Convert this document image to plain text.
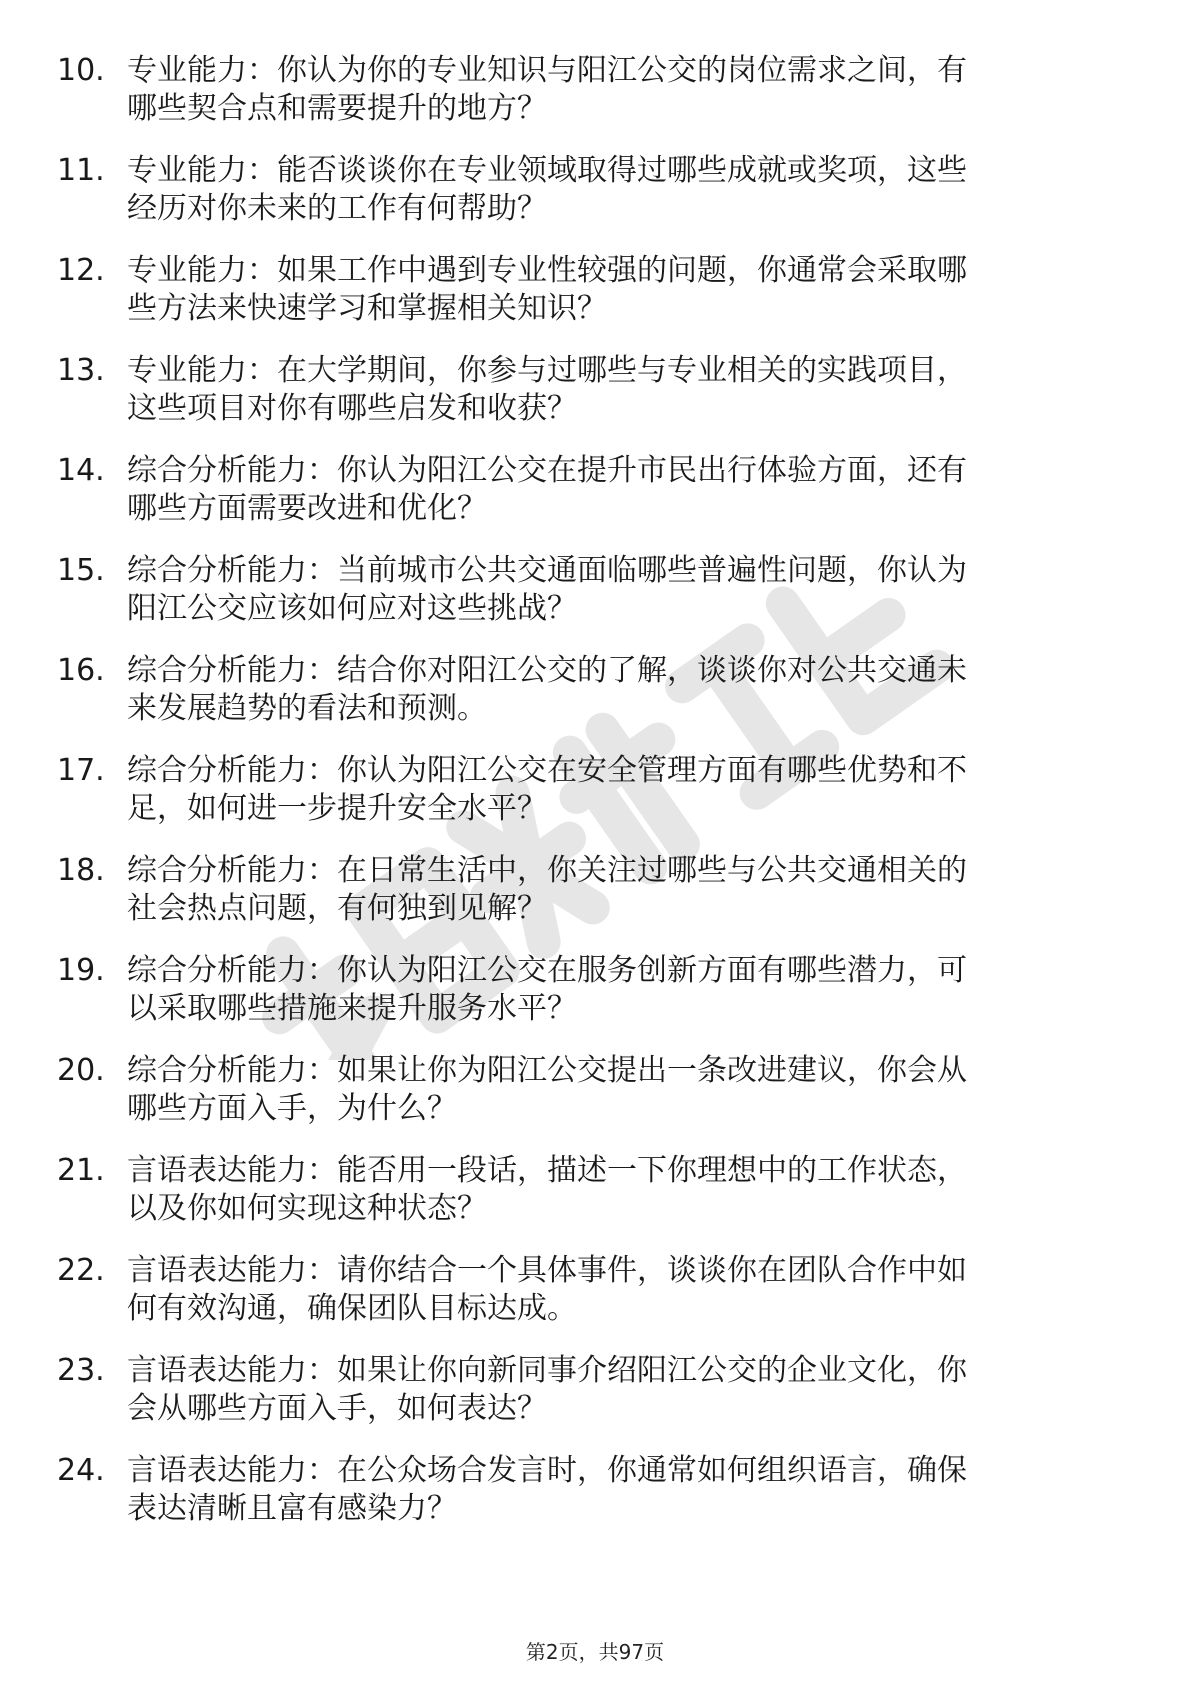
10. 专业能力：你认为你的专业知识与阳江公交的岗位需求之间，有
哪些契合点和需要提升的地方？
11. 专业能力：能否谈谈你在专业领域取得过哪些成就或奖项，这些
经历对你未来的工作有何帮助？
12. 专业能力：如果工作中遇到专业性较强的问题，你通常会采取哪
些方法来快速学习和掌握相关知识？
13. 专业能力：在大学期间，你参与过哪些与专业相关的实践项目，
这些项目对你有哪些启发和收获？
14. 综合分析能力：你认为阳江公交在提升市民出行体验方面，还有
哪些方面需要改进和优化？
15. 综合分析能力：当前城市公共交通面临哪些普遍性问题，你认为
阳江公交应该如何应对这些挑战？
16. 综合分析能力：结合你对阳江公交的了解，谈谈你对公共交通未
来发展趋势的看法和预测。
17. 综合分析能力：你认为阳江公交在安全管理方面有哪些优势和不
足，如何进一步提升安全水平？
18. 综合分析能力：在日常生活中，你关注过哪些与公共交通相关的
社会热点问题，有何独到见解？
19. 综合分析能力：你认为阳江公交在服务创新方面有哪些潜力，可
以采取哪些措施来提升服务水平？
20. 综合分析能力：如果让你为阳江公交提出一条改进建议，你会从
哪些方面入手，为什么？
21. 言语表达能力：能否用一段话，描述一下你理想中的工作状态，
以及你如何实现这种状态？
22. 言语表达能力：请你结合一个具体事件，谈谈你在团队合作中如
何有效沟通，确保团队目标达成。
23. 言语表达能力：如果让你向新同事介绍阳江公交的企业文化，你
会从哪些方面入手，如何表达？
24. 言语表达能力：在公众场合发言时，你通常如何组织语言，确保
表达清晰且富有感染力？
第2页，共97页
